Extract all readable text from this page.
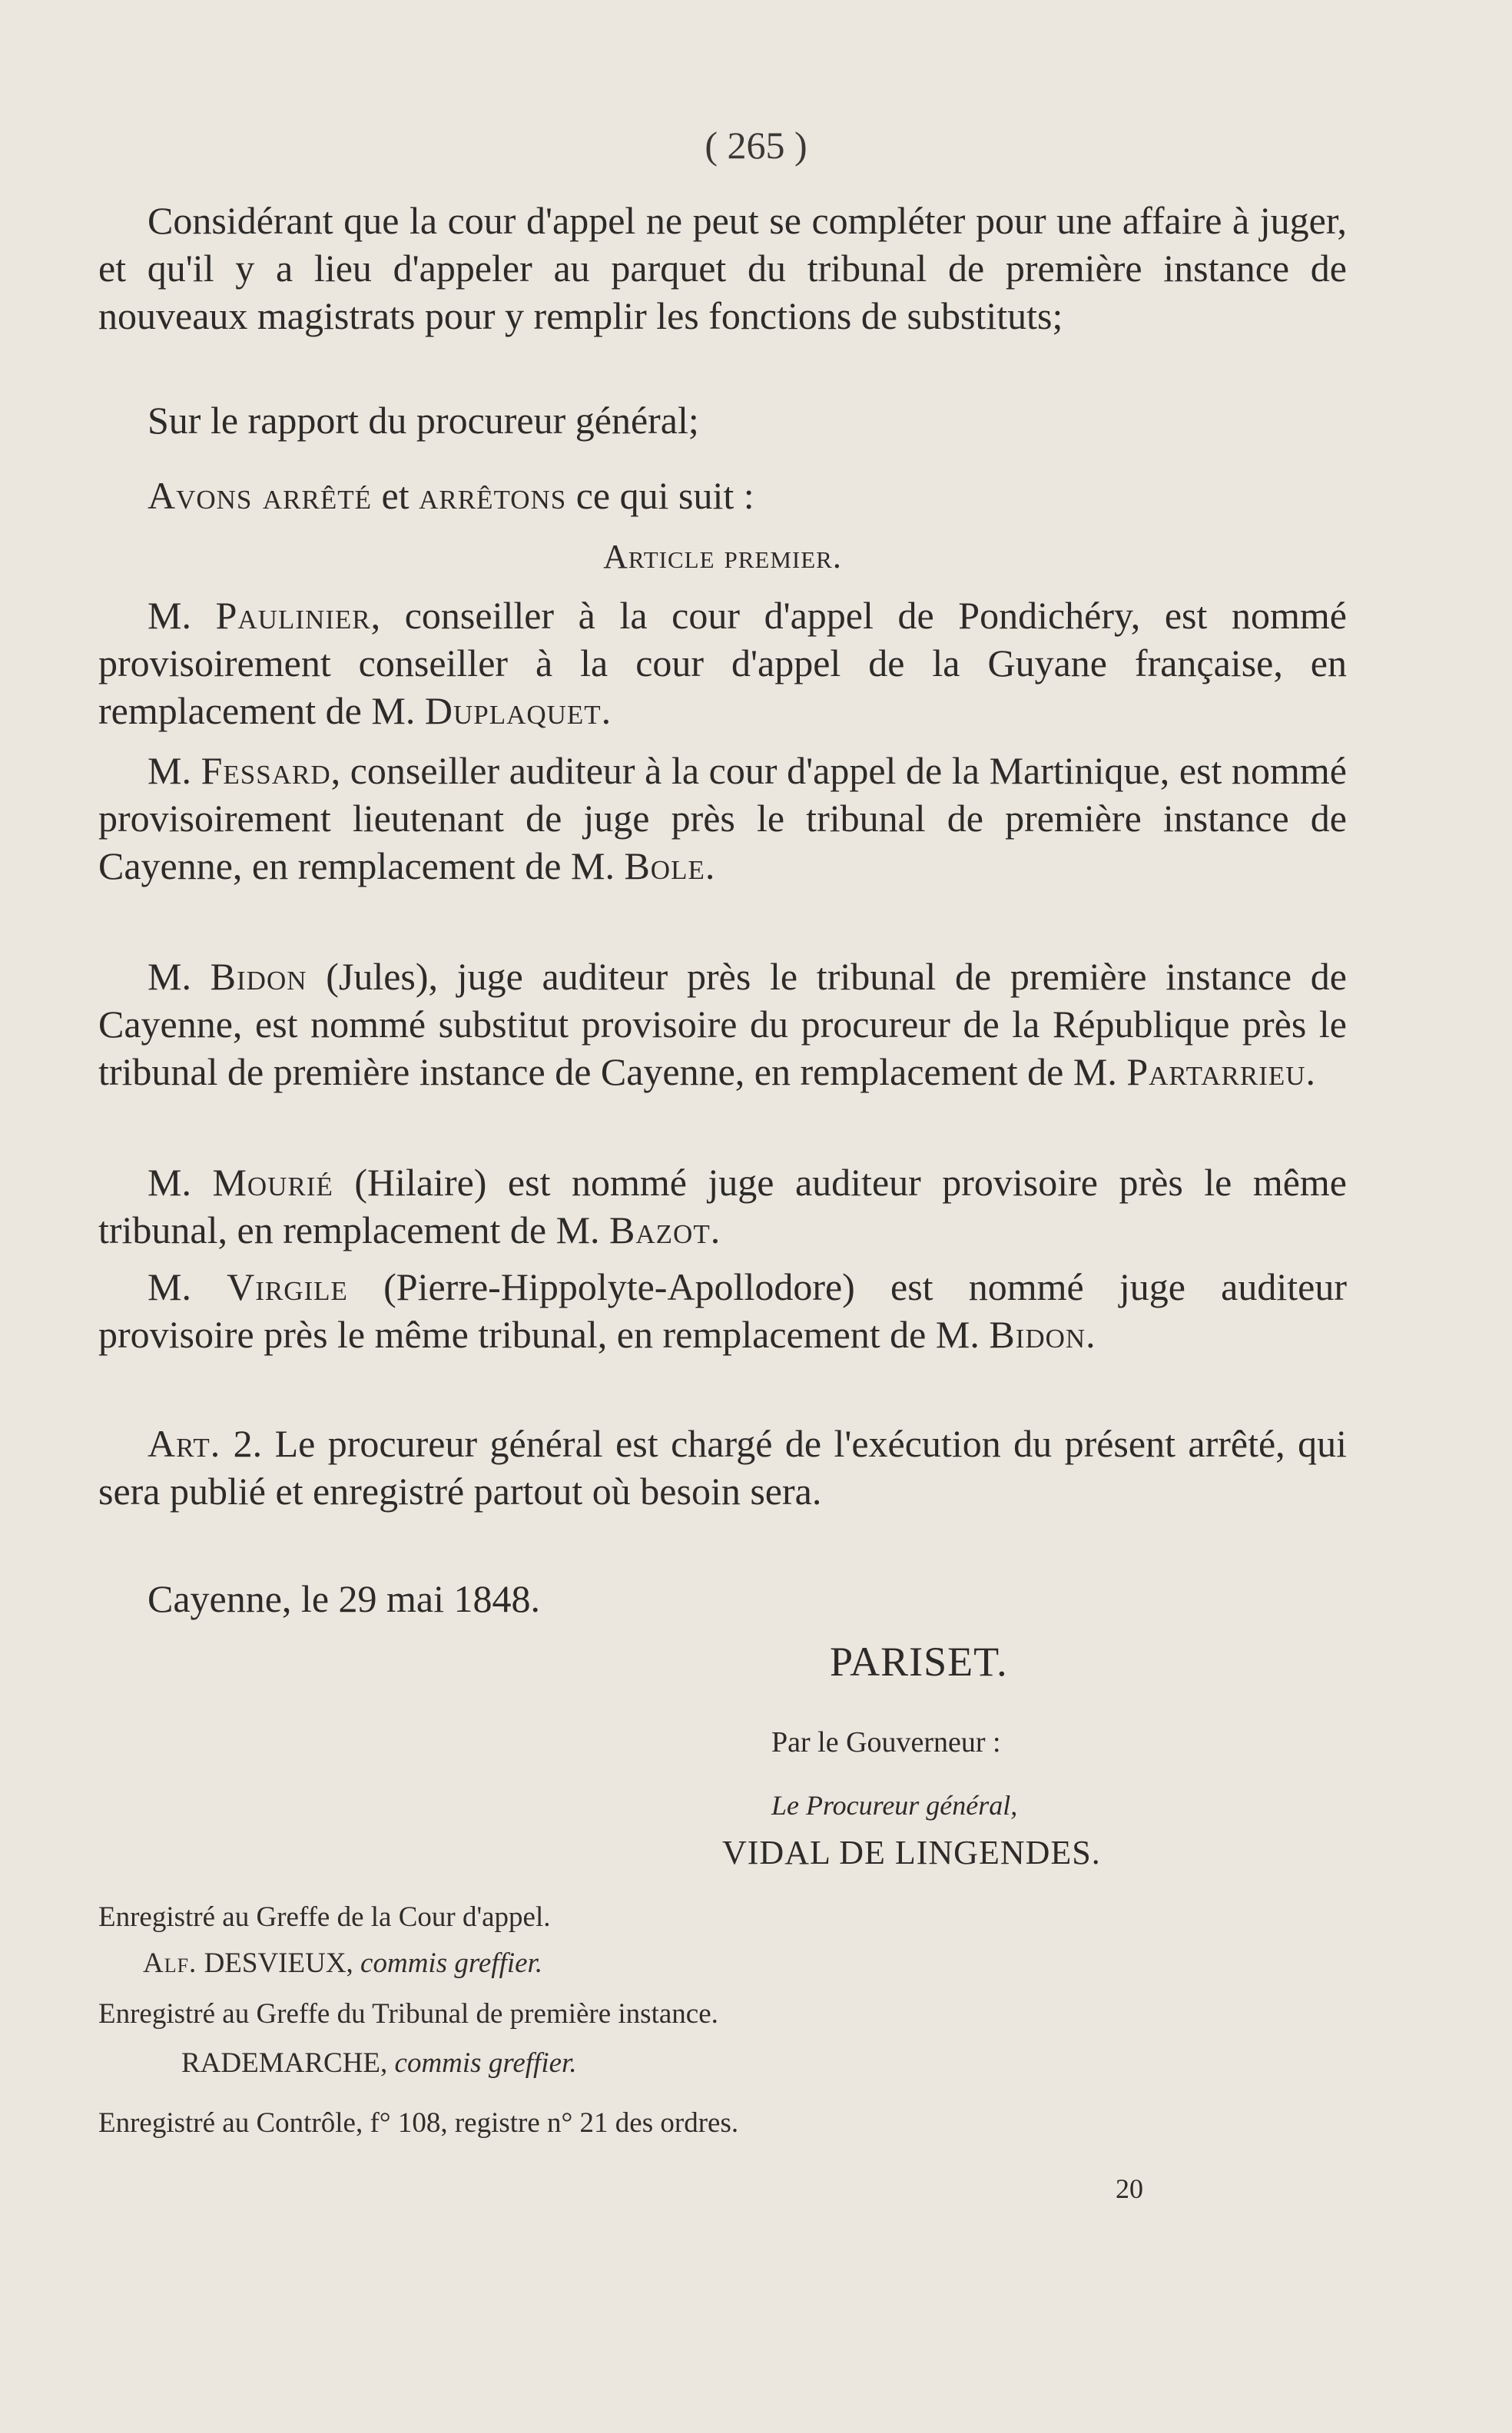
( 265 )

Considérant que la cour d'appel ne peut se compléter pour une affaire à juger, et qu'il y a lieu d'appeler au parquet du tribunal de première instance de nouveaux magistrats pour y remplir les fonctions de substituts;

Sur le rapport du procureur général;

Avons arrêté et arrêtons ce qui suit :

Article premier.

M. Paulinier, conseiller à la cour d'appel de Pondichéry, est nommé provisoirement conseiller à la cour d'appel de la Guyane française, en remplacement de M. Duplaquet.

M. Fessard, conseiller auditeur à la cour d'appel de la Martinique, est nommé provisoirement lieutenant de juge près le tribunal de première instance de Cayenne, en remplacement de M. Bole.

M. Bidon (Jules), juge auditeur près le tribunal de première instance de Cayenne, est nommé substitut provisoire du procureur de la République près le tribunal de première instance de Cayenne, en remplacement de M. Partarrieu.

M. Mourié (Hilaire) est nommé juge auditeur provisoire près le même tribunal, en remplacement de M. Bazot.

M. Virgile (Pierre-Hippolyte-Apollodore) est nommé juge auditeur provisoire près le même tribunal, en remplacement de M. Bidon.

Art. 2. Le procureur général est chargé de l'exécution du présent arrêté, qui sera publié et enregistré partout où besoin sera.

Cayenne, le 29 mai 1848.

PARISET.
Par le Gouverneur :
Le Procureur général,
VIDAL DE LINGENDES.
Enregistré au Greffe de la Cour d'appel.
Alf. DESVIEUX, commis greffier.
Enregistré au Greffe du Tribunal de première instance.
RADEMARCHE, commis greffier.
Enregistré au Contrôle, f° 108, registre n° 21 des ordres.
20
